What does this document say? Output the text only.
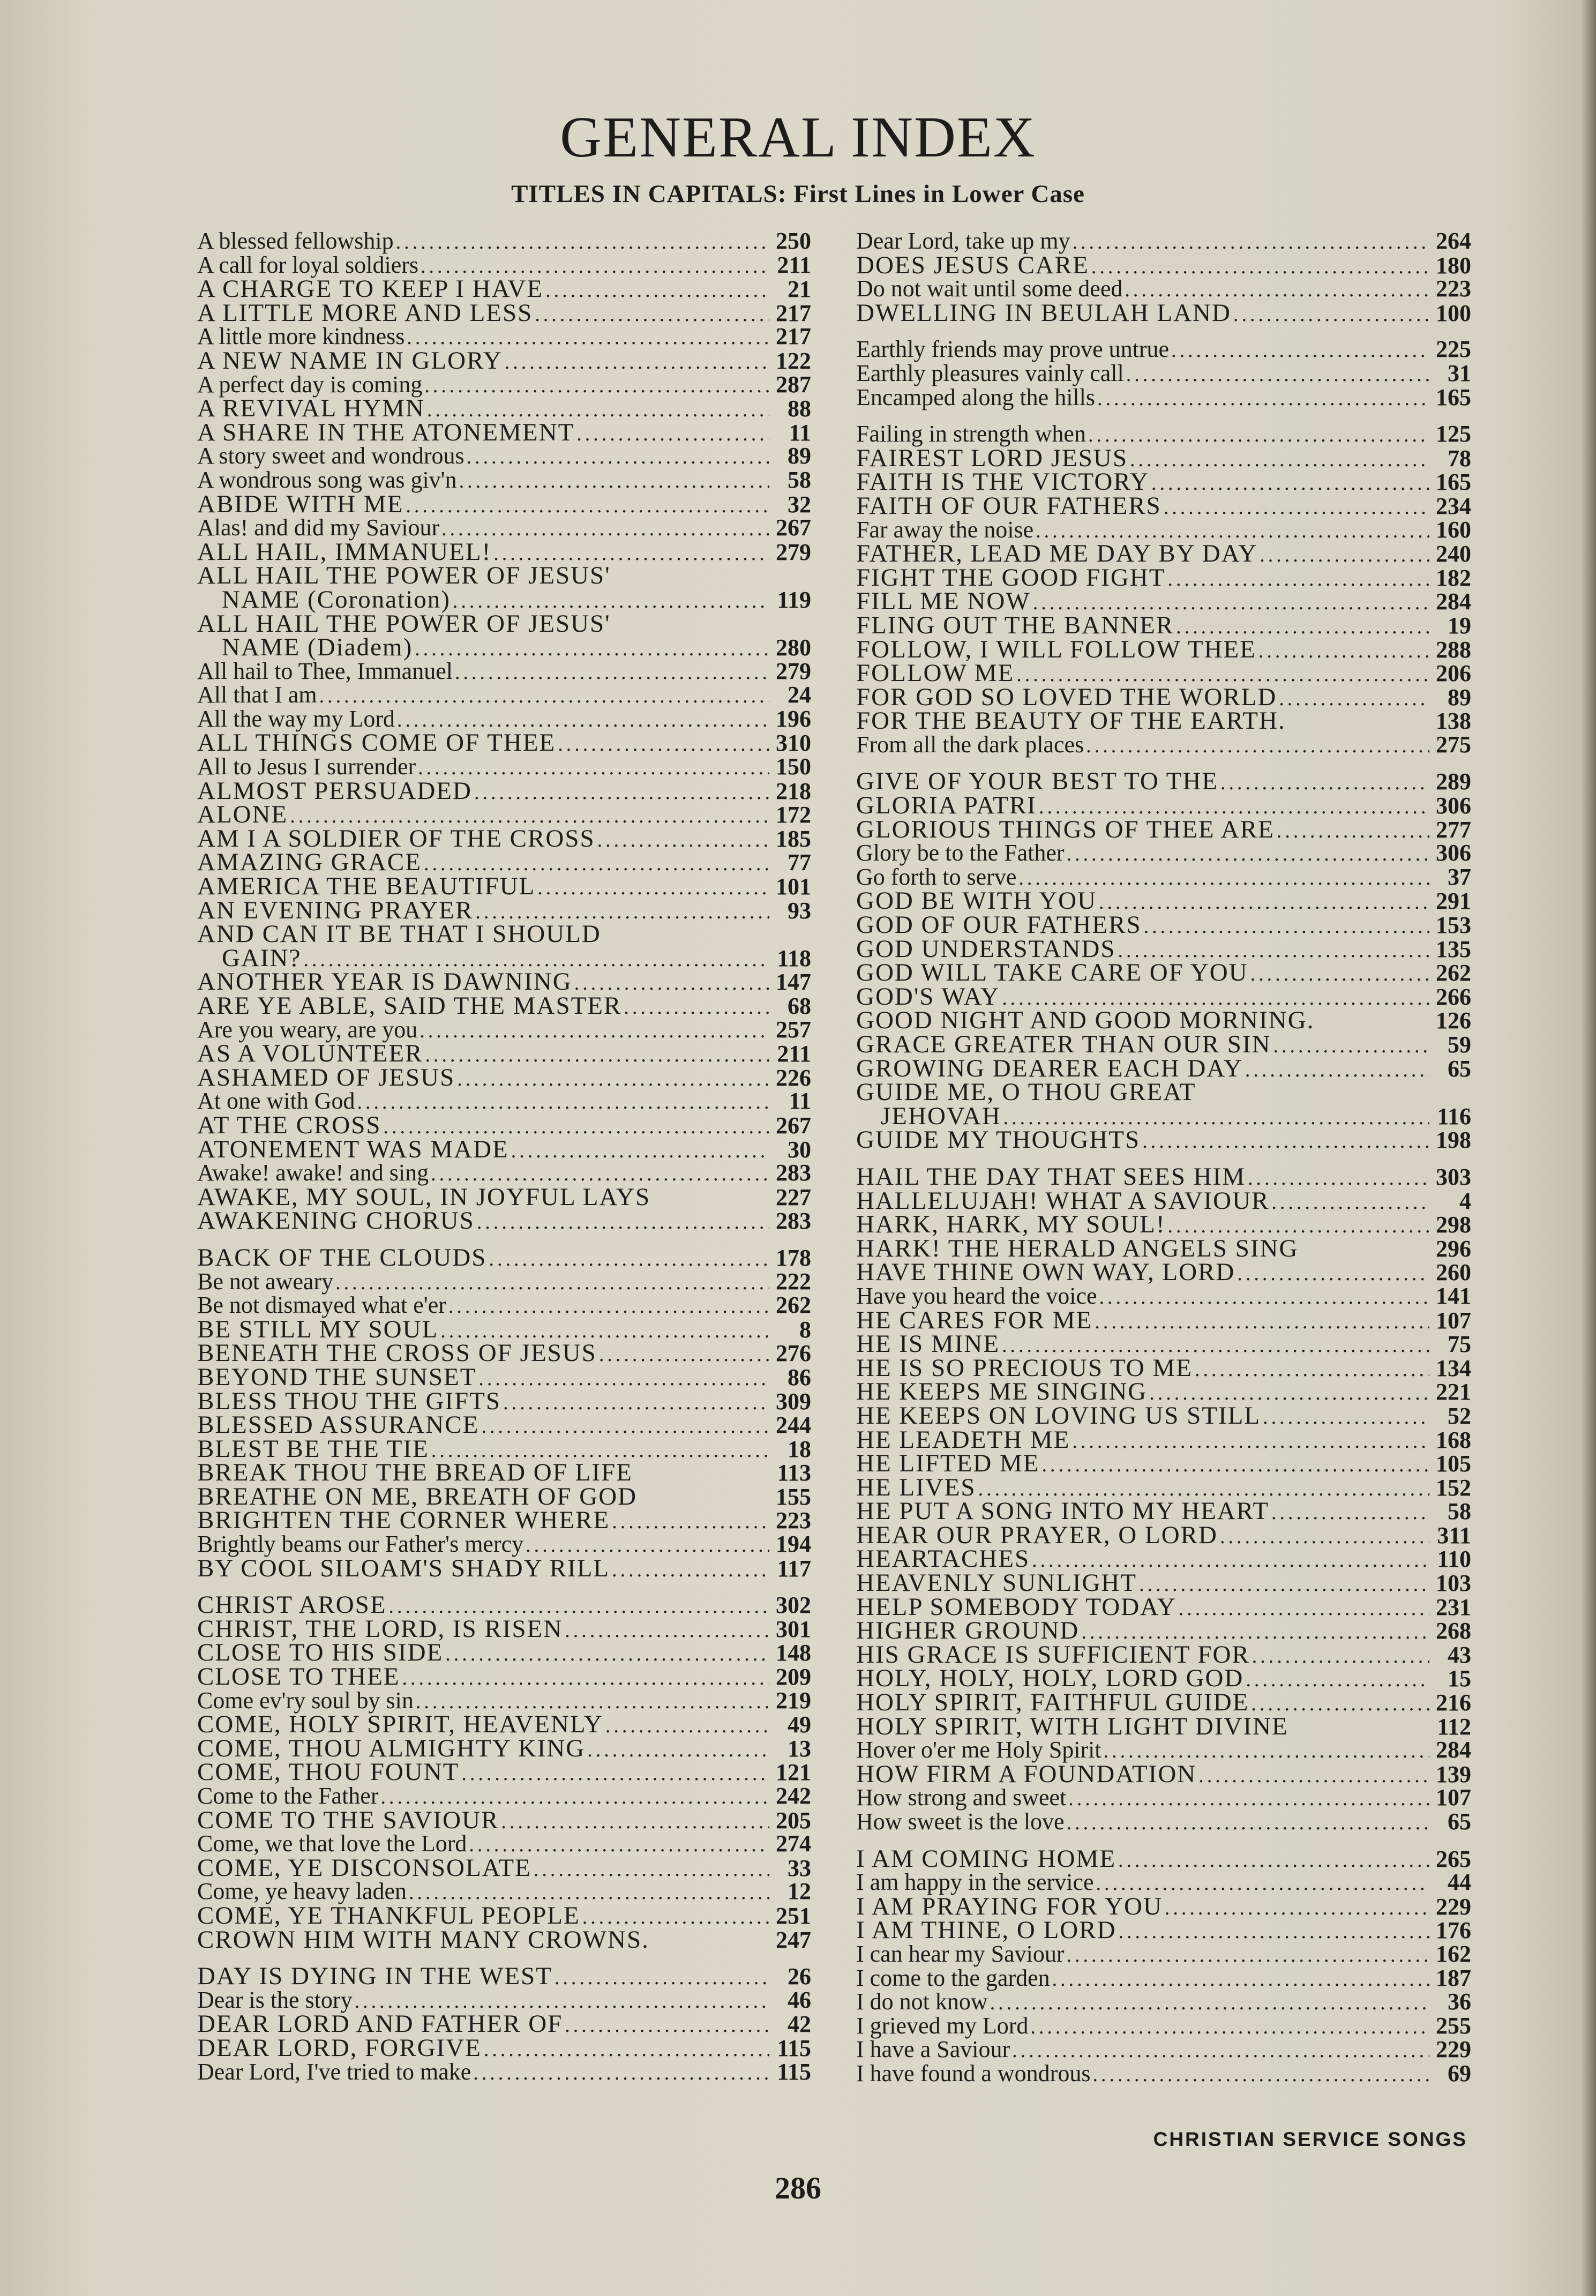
GENERAL INDEX
TITLES IN CAPITALS: First Lines in Lower Case
A blessed fellowship .....	250
A call for loyal soldiers .....	211
A CHARGE TO KEEP I HAVE .....	21
A LITTLE MORE AND LESS .....	217
A little more kindness .....	217
A NEW NAME IN GLORY .....	122
A perfect day is coming .....	287
A REVIVAL HYMN .....	88
A SHARE IN THE ATONEMENT .....	11
A story sweet and wondrous .....	89
A wondrous song was giv'n .....	58
ABIDE WITH ME .....	32
Alas! and did my Saviour .....	267
ALL HAIL, IMMANUEL! .....	279
ALL HAIL THE POWER OF JESUS'
NAME (Coronation) .....	119
ALL HAIL THE POWER OF JESUS'
NAME (Diadem) .....	280
All hail to Thee, Immanuel .....	279
All that I am .....	24
All the way my Lord .....	196
ALL THINGS COME OF THEE .....	310
All to Jesus I surrender .....	150
ALMOST PERSUADED .....	218
ALONE .....	172
AM I A SOLDIER OF THE CROSS .....	185
AMAZING GRACE .....	77
AMERICA THE BEAUTIFUL .....	101
AN EVENING PRAYER .....	93
AND CAN IT BE THAT I SHOULD
GAIN? .....	118
ANOTHER YEAR IS DAWNING .....	147
ARE YE ABLE, SAID THE MASTER .....	68
Are you weary, are you .....	257
AS A VOLUNTEER .....	211
ASHAMED OF JESUS .....	226
At one with God .....	11
AT THE CROSS .....	267
ATONEMENT WAS MADE .....	30
Awake! awake! and sing .....	283
AWAKE, MY SOUL, IN JOYFUL LAYS	227
AWAKENING CHORUS .....	283
BACK OF THE CLOUDS .....	178
Be not aweary .....	222
Be not dismayed what e'er .....	262
BE STILL MY SOUL .....	8
BENEATH THE CROSS OF JESUS .....	276
BEYOND THE SUNSET .....	86
BLESS THOU THE GIFTS .....	309
BLESSED ASSURANCE .....	244
BLEST BE THE TIE .....	18
BREAK THOU THE BREAD OF LIFE	113
BREATHE ON ME, BREATH OF GOD	155
BRIGHTEN THE CORNER WHERE .....	223
Brightly beams our Father's mercy .....	194
BY COOL SILOAM'S SHADY RILL .....	117
CHRIST AROSE .....	302
CHRIST, THE LORD, IS RISEN .....	301
CLOSE TO HIS SIDE .....	148
CLOSE TO THEE .....	209
Come ev'ry soul by sin .....	219
COME, HOLY SPIRIT, HEAVENLY .....	49
COME, THOU ALMIGHTY KING .....	13
COME, THOU FOUNT .....	121
Come to the Father .....	242
COME TO THE SAVIOUR .....	205
Come, we that love the Lord .....	274
COME, YE DISCONSOLATE .....	33
Come, ye heavy laden .....	12
COME, YE THANKFUL PEOPLE .....	251
CROWN HIM WITH MANY CROWNS.	247
DAY IS DYING IN THE WEST .....	26
Dear is the story .....	46
DEAR LORD AND FATHER OF .....	42
DEAR LORD, FORGIVE .....	115
Dear Lord, I've tried to make .....	115
Dear Lord, take up my .....	264
DOES JESUS CARE .....	180
Do not wait until some deed .....	223
DWELLING IN BEULAH LAND .....	100
Earthly friends may prove untrue .....	225
Earthly pleasures vainly call .....	31
Encamped along the hills .....	165
Failing in strength when .....	125
FAIREST LORD JESUS .....	78
FAITH IS THE VICTORY .....	165
FAITH OF OUR FATHERS .....	234
Far away the noise .....	160
FATHER, LEAD ME DAY BY DAY .....	240
FIGHT THE GOOD FIGHT .....	182
FILL ME NOW .....	284
FLING OUT THE BANNER .....	19
FOLLOW, I WILL FOLLOW THEE .....	288
FOLLOW ME .....	206
FOR GOD SO LOVED THE WORLD .....	89
FOR THE BEAUTY OF THE EARTH.	138
From all the dark places .....	275
GIVE OF YOUR BEST TO THE .....	289
GLORIA PATRI .....	306
GLORIOUS THINGS OF THEE ARE .....	277
Glory be to the Father .....	306
Go forth to serve .....	37
GOD BE WITH YOU .....	291
GOD OF OUR FATHERS .....	153
GOD UNDERSTANDS .....	135
GOD WILL TAKE CARE OF YOU .....	262
GOD'S WAY .....	266
GOOD NIGHT AND GOOD MORNING.	126
GRACE GREATER THAN OUR SIN .....	59
GROWING DEARER EACH DAY .....	65
GUIDE ME, O THOU GREAT
JEHOVAH .....	116
GUIDE MY THOUGHTS .....	198
HAIL THE DAY THAT SEES HIM .....	303
HALLELUJAH! WHAT A SAVIOUR .....	4
HARK, HARK, MY SOUL! .....	298
HARK! THE HERALD ANGELS SING	296
HAVE THINE OWN WAY, LORD .....	260
Have you heard the voice .....	141
HE CARES FOR ME .....	107
HE IS MINE .....	75
HE IS SO PRECIOUS TO ME .....	134
HE KEEPS ME SINGING .....	221
HE KEEPS ON LOVING US STILL .....	52
HE LEADETH ME .....	168
HE LIFTED ME .....	105
HE LIVES .....	152
HE PUT A SONG INTO MY HEART .....	58
HEAR OUR PRAYER, O LORD .....	311
HEARTACHES .....	110
HEAVENLY SUNLIGHT .....	103
HELP SOMEBODY TODAY .....	231
HIGHER GROUND .....	268
HIS GRACE IS SUFFICIENT FOR .....	43
HOLY, HOLY, HOLY, LORD GOD .....	15
HOLY SPIRIT, FAITHFUL GUIDE .....	216
HOLY SPIRIT, WITH LIGHT DIVINE	112
Hover o'er me Holy Spirit .....	284
HOW FIRM A FOUNDATION .....	139
How strong and sweet .....	107
How sweet is the love .....	65
I AM COMING HOME .....	265
I am happy in the service .....	44
I AM PRAYING FOR YOU .....	229
I AM THINE, O LORD .....	176
I can hear my Saviour .....	162
I come to the garden .....	187
I do not know .....	36
I grieved my Lord .....	255
I have a Saviour .....	229
I have found a wondrous .....	69
CHRISTIAN SERVICE SONGS
286
